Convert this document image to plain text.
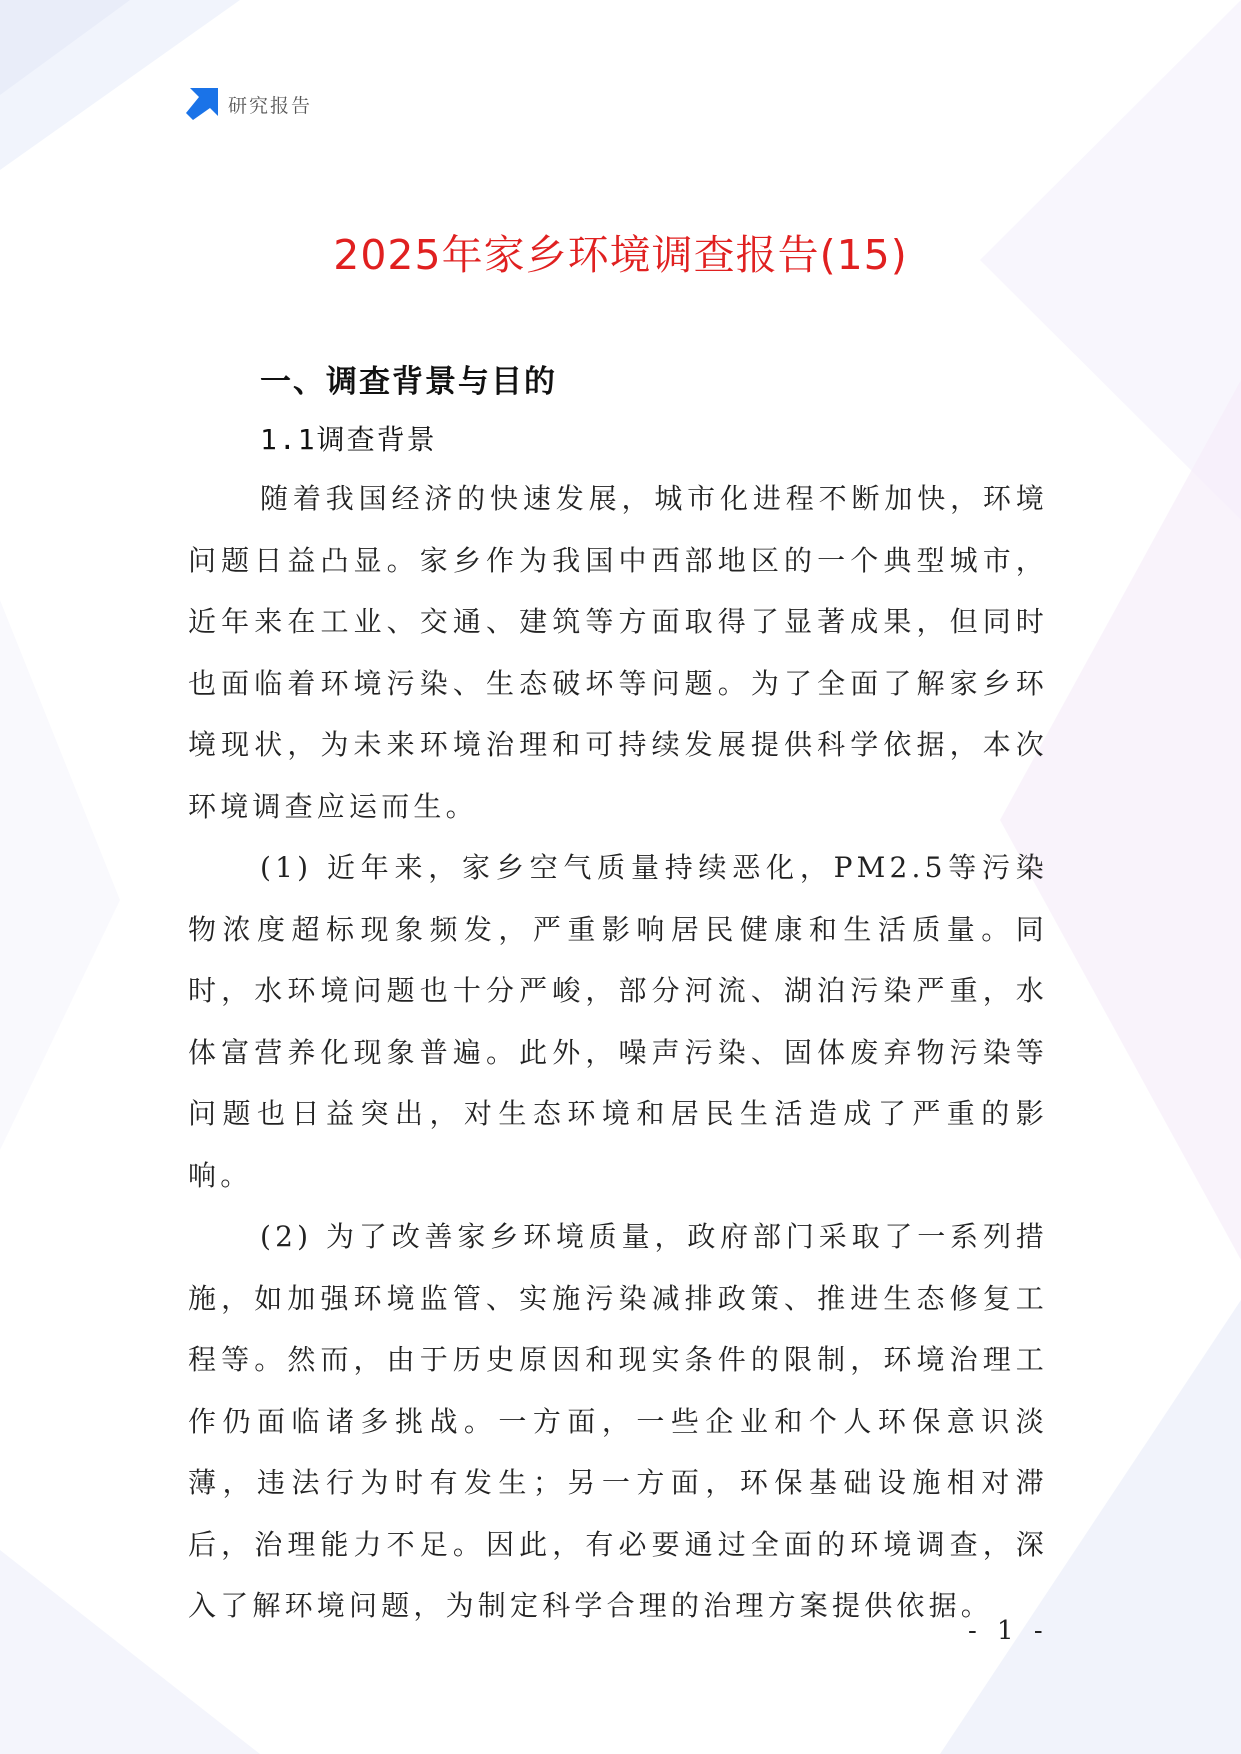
研究报告
2025年家乡环境调查报告(15)
一、调查背景与目的
1.1调查背景

随着我国经济的快速发展，城市化进程不断加快，环境问题日益凸显。家乡作为我国中西部地区的一个典型城市，近年来在工业、交通、建筑等方面取得了显著成果，但同时也面临着环境污染、生态破坏等问题。为了全面了解家乡环境现状，为未来环境治理和可持续发展提供科学依据，本次环境调查应运而生。

(1) 近年来，家乡空气质量持续恶化，PM2.5等污染物浓度超标现象频发，严重影响居民健康和生活质量。同时，水环境问题也十分严峻，部分河流、湖泊污染严重，水体富营养化现象普遍。此外，噪声污染、固体废弃物污染等问题也日益突出，对生态环境和居民生活造成了严重的影响。

(2) 为了改善家乡环境质量，政府部门采取了一系列措施，如加强环境监管、实施污染减排政策、推进生态修复工程等。然而，由于历史原因和现实条件的限制，环境治理工作仍面临诸多挑战。一方面，一些企业和个人环保意识淡薄，违法行为时有发生；另一方面，环保基础设施相对滞后，治理能力不足。因此，有必要通过全面的环境调查，深入了解环境问题，为制定科学合理的治理方案提供依据。

- 1 -
